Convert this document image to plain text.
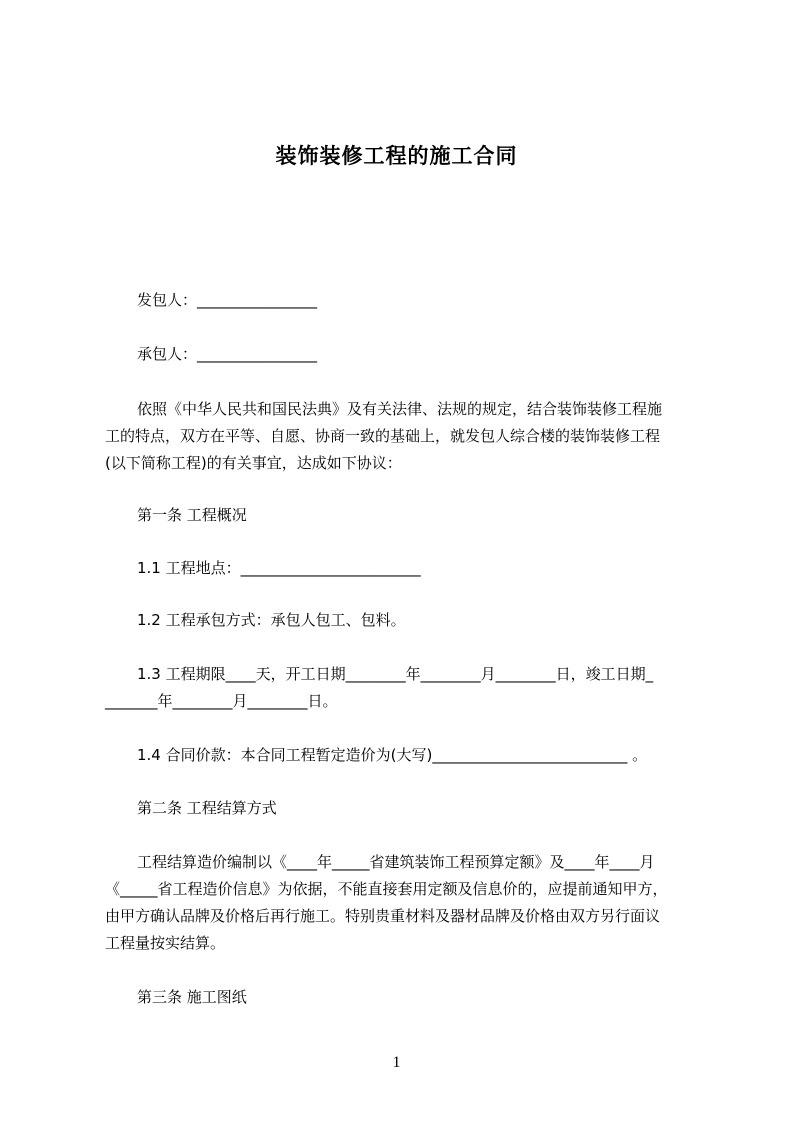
装饰装修工程的施工合同
发包人：________________
承包人：________________
依照《中华人民共和国民法典》及有关法律、法规的规定，结合装饰装修工程施
工的特点，双方在平等、自愿、协商一致的基础上，就发包人综合楼的装饰装修工程
(以下简称工程)的有关事宜，达成如下协议：
第一条 工程概况
1.1 工程地点：________________________
1.2 工程承包方式：承包人包工、包料。
1.3 工程期限____天，开工日期________年________月________日，竣工日期_
_______年________月________日。
1.4 合同价款：本合同工程暂定造价为(大写)__________________________ 。
第二条 工程结算方式
工程结算造价编制以《____年_____省建筑装饰工程预算定额》及____年____月
《_____省工程造价信息》为依据，不能直接套用定额及信息价的，应提前通知甲方，
由甲方确认品牌及价格后再行施工。特别贵重材料及器材品牌及价格由双方另行面议
工程量按实结算。
第三条 施工图纸
1
